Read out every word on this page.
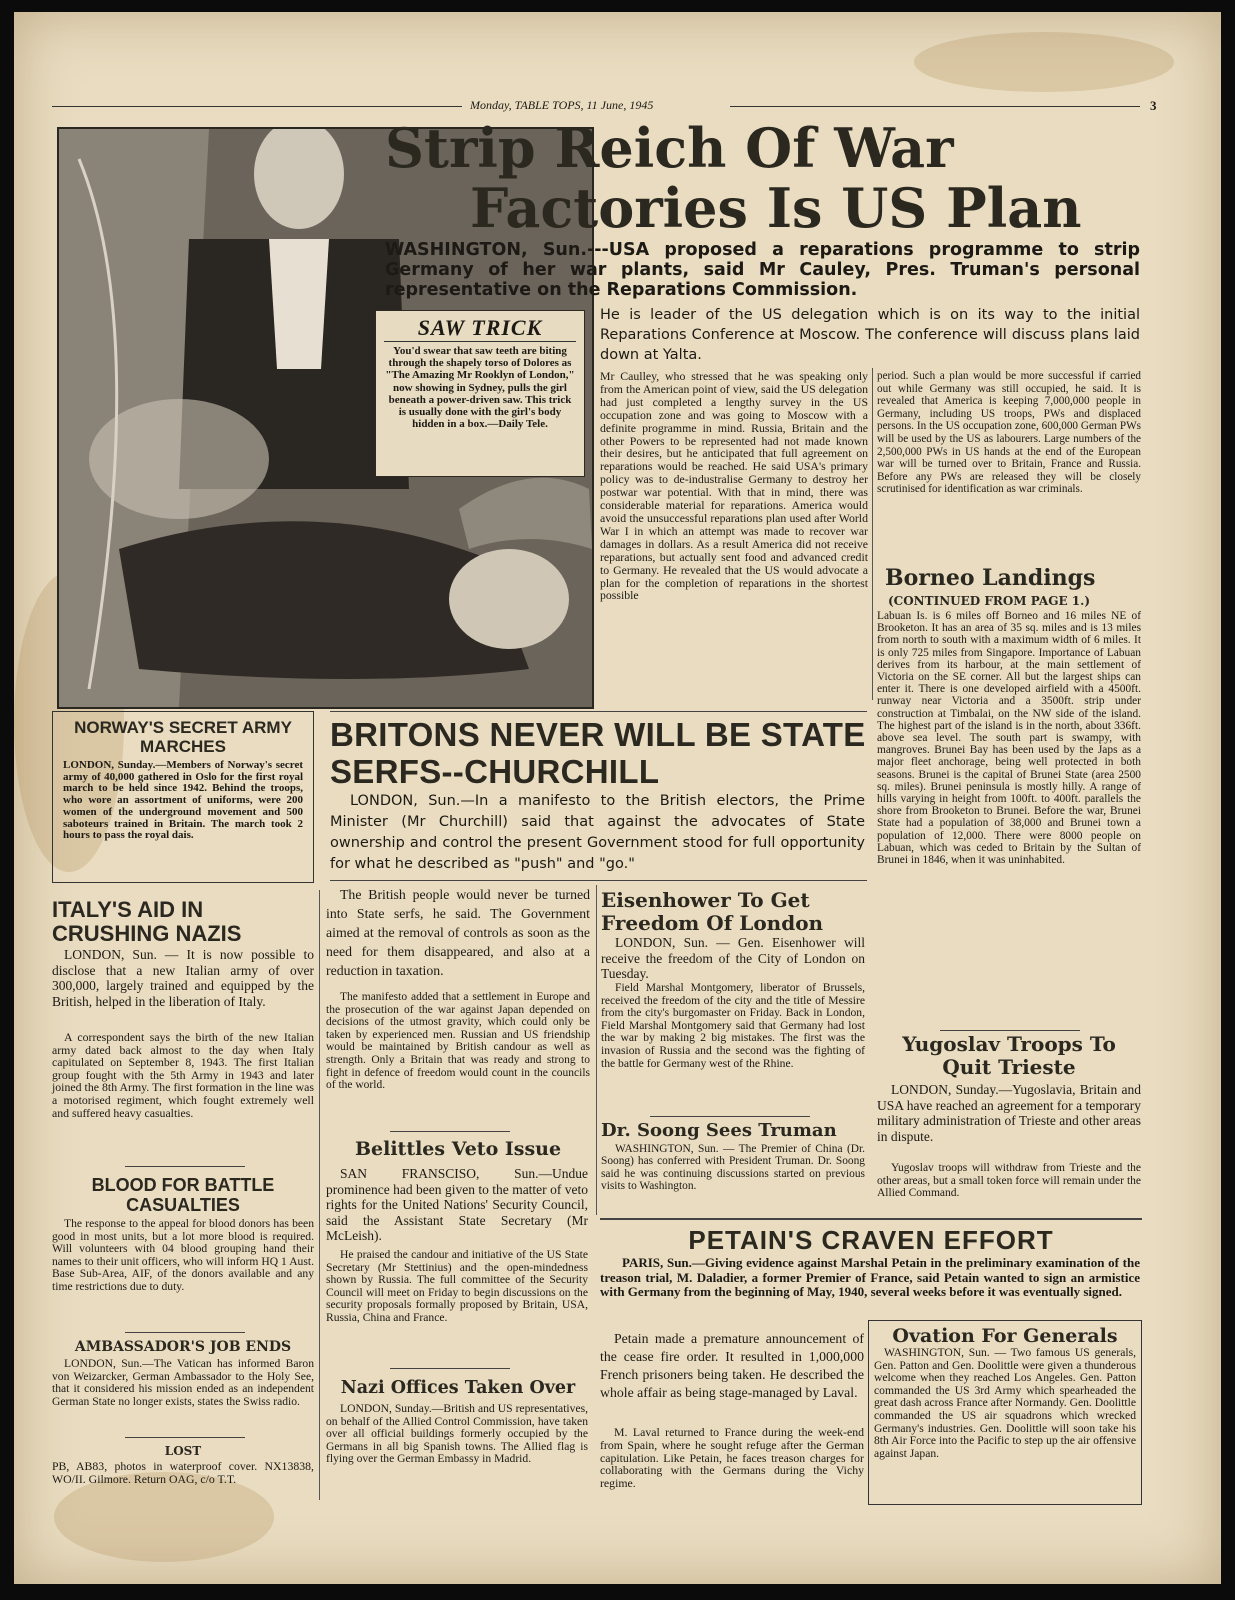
Monday, TABLE TOPS, 11 June, 1945	3
SAW TRICK

You'd swear that saw teeth are biting through the shapely torso of Dolores as "The Amazing Mr Rooklyn of London," now showing in Sydney, pulls the girl beneath a power-driven saw. This trick is usually done with the girl's body hidden in a box.—Daily Tele.

Strip Reich Of War
Factories Is US Plan

WASHINGTON, Sun.---USA proposed a reparations programme to strip Germany of her war plants, said Mr Cauley, Pres. Truman's personal representative on the Reparations Commission.

He is leader of the US delegation which is on its way to the initial Reparations Conference at Moscow. The conference will discuss plans laid down at Yalta.

Mr Caulley, who stressed that he was speaking only from the American point of view, said the US delegation had just completed a lengthy survey in the US occupation zone and was going to Moscow with a definite programme in mind. Russia, Britain and the other Powers to be represented had not made known their desires, but he anticipated that full agreement on reparations would be reached. He said USA's primary policy was to de-industralise Germany to destroy her postwar war potential. With that in mind, there was considerable material for reparations. America would avoid the unsuccessful reparations plan used after World War I in which an attempt was made to recover war damages in dollars. As a result America did not receive reparations, but actually sent food and advanced credit to Germany. He revealed that the US would advocate a plan for the completion of reparations in the shortest possible

period. Such a plan would be more successful if carried out while Germany was still occupied, he said. It is revealed that America is keeping 7,000,000 people in Germany, including US troops, PWs and displaced persons. In the US occupation zone, 600,000 German PWs will be used by the US as labourers. Large numbers of the 2,500,000 PWs in US hands at the end of the European war will be turned over to Britain, France and Russia. Before any PWs are released they will be closely scrutinised for identification as war criminals.

Borneo Landings
(CONTINUED FROM PAGE 1.)

Labuan Is. is 6 miles off Borneo and 16 miles NE of Brooketon. It has an area of 35 sq. miles and is 13 miles from north to south with a maximum width of 6 miles. It is only 725 miles from Singapore. Importance of Labuan derives from its harbour, at the main settlement of Victoria on the SE corner. All but the largest ships can enter it. There is one developed airfield with a 4500ft. runway near Victoria and a 3500ft. strip under construction at Timbalai, on the NW side of the island. The highest part of the island is in the north, about 336ft. above sea level. The south part is swampy, with mangroves. Brunei Bay has been used by the Japs as a major fleet anchorage, being well protected in both seasons. Brunei is the capital of Brunei State (area 2500 sq. miles). Brunei peninsula is mostly hilly. A range of hills varying in height from 100ft. to 400ft. parallels the shore from Brooketon to Brunei. Before the war, Brunei State had a population of 38,000 and Brunei town a population of 12,000. There were 8000 people on Labuan, which was ceded to Britain by the Sultan of Brunei in 1846, when it was uninhabited.

NORWAY'S SECRET ARMY MARCHES

LONDON, Sunday.—Members of Norway's secret army of 40,000 gathered in Oslo for the first royal march to be held since 1942. Behind the troops, who wore an assortment of uniforms, were 200 women of the underground movement and 500 saboteurs trained in Britain. The march took 2 hours to pass the royal dais.

BRITONS NEVER WILL BE STATE SERFS--CHURCHILL

LONDON, Sun.—In a manifesto to the British electors, the Prime Minister (Mr Churchill) said that against the advocates of State ownership and control the present Government stood for full opportunity for what he described as "push" and "go."

The British people would never be turned into State serfs, he said. The Government aimed at the removal of controls as soon as the need for them disappeared, and also at a reduction in taxation.

The manifesto added that a settlement in Europe and the prosecution of the war against Japan depended on decisions of the utmost gravity, which could only be taken by experienced men. Russian and US friendship would be maintained by British candour as well as strength. Only a Britain that was ready and strong to fight in defence of freedom would count in the councils of the world.

Eisenhower To Get Freedom Of London

LONDON, Sun. — Gen. Eisenhower will receive the freedom of the City of London on Tuesday.

Field Marshal Montgomery, liberator of Brussels, received the freedom of the city and the title of Messire from the city's burgomaster on Friday. Back in London, Field Marshal Montgomery said that Germany had lost the war by making 2 big mistakes. The first was the invasion of Russia and the second was the fighting of the battle for Germany west of the Rhine.

Dr. Soong Sees Truman

WASHINGTON, Sun. — The Premier of China (Dr. Soong) has conferred with President Truman. Dr. Soong said he was continuing discussions started on previous visits to Washington.

Yugoslav Troops To Quit Trieste

LONDON, Sunday.—Yugoslavia, Britain and USA have reached an agreement for a temporary military administration of Trieste and other areas in dispute.

Yugoslav troops will withdraw from Trieste and the other areas, but a small token force will remain under the Allied Command.

ITALY'S AID IN CRUSHING NAZIS

LONDON, Sun. — It is now possible to disclose that a new Italian army of over 300,000, largely trained and equipped by the British, helped in the liberation of Italy.

A correspondent says the birth of the new Italian army dated back almost to the day when Italy capitulated on September 8, 1943. The first Italian group fought with the 5th Army in 1943 and later joined the 8th Army. The first formation in the line was a motorised regiment, which fought extremely well and suffered heavy casualties.

BLOOD FOR BATTLE CASUALTIES

The response to the appeal for blood donors has been good in most units, but a lot more blood is required. Will volunteers with 04 blood grouping hand their names to their unit officers, who will inform HQ 1 Aust. Base Sub-Area, AIF, of the donors available and any time restrictions due to duty.

AMBASSADOR'S JOB ENDS

LONDON, Sun.—The Vatican has informed Baron von Weizarcker, German Ambassador to the Holy See, that it considered his mission ended as an independent German State no longer exists, states the Swiss radio.

LOST

PB, AB83, photos in waterproof cover. NX13838, WO/II. Gilmore. Return OAG, c/o T.T.

Belittles Veto Issue

SAN FRANSCISO, Sun.—Undue prominence had been given to the matter of veto rights for the United Nations' Security Council, said the Assistant State Secretary (Mr McLeish).

He praised the candour and initiative of the US State Secretary (Mr Stettinius) and the open-mindedness shown by Russia. The full committee of the Security Council will meet on Friday to begin discussions on the security proposals formally proposed by Britain, USA, Russia, China and France.

Nazi Offices Taken Over

LONDON, Sunday.—British and US representatives, on behalf of the Allied Control Commission, have taken over all official buildings formerly occupied by the Germans in all big Spanish towns. The Allied flag is flying over the German Embassy in Madrid.

PETAIN'S CRAVEN EFFORT

PARIS, Sun.—Giving evidence against Marshal Petain in the preliminary examination of the treason trial, M. Daladier, a former Premier of France, said Petain wanted to sign an armistice with Germany from the beginning of May, 1940, several weeks before it was eventually signed.

Petain made a premature announcement of the cease fire order. It resulted in 1,000,000 French prisoners being taken. He described the whole affair as being stage-managed by Laval.

M. Laval returned to France during the week-end from Spain, where he sought refuge after the German capitulation. Like Petain, he faces treason charges for collaborating with the Germans during the Vichy regime.

Ovation For Generals

WASHINGTON, Sun. — Two famous US generals, Gen. Patton and Gen. Doolittle were given a thunderous welcome when they reached Los Angeles. Gen. Patton commanded the US 3rd Army which spearheaded the great dash across France after Normandy. Gen. Doolittle commanded the US air squadrons which wrecked Germany's industries. Gen. Doolittle will soon take his 8th Air Force into the Pacific to step up the air offensive against Japan.
